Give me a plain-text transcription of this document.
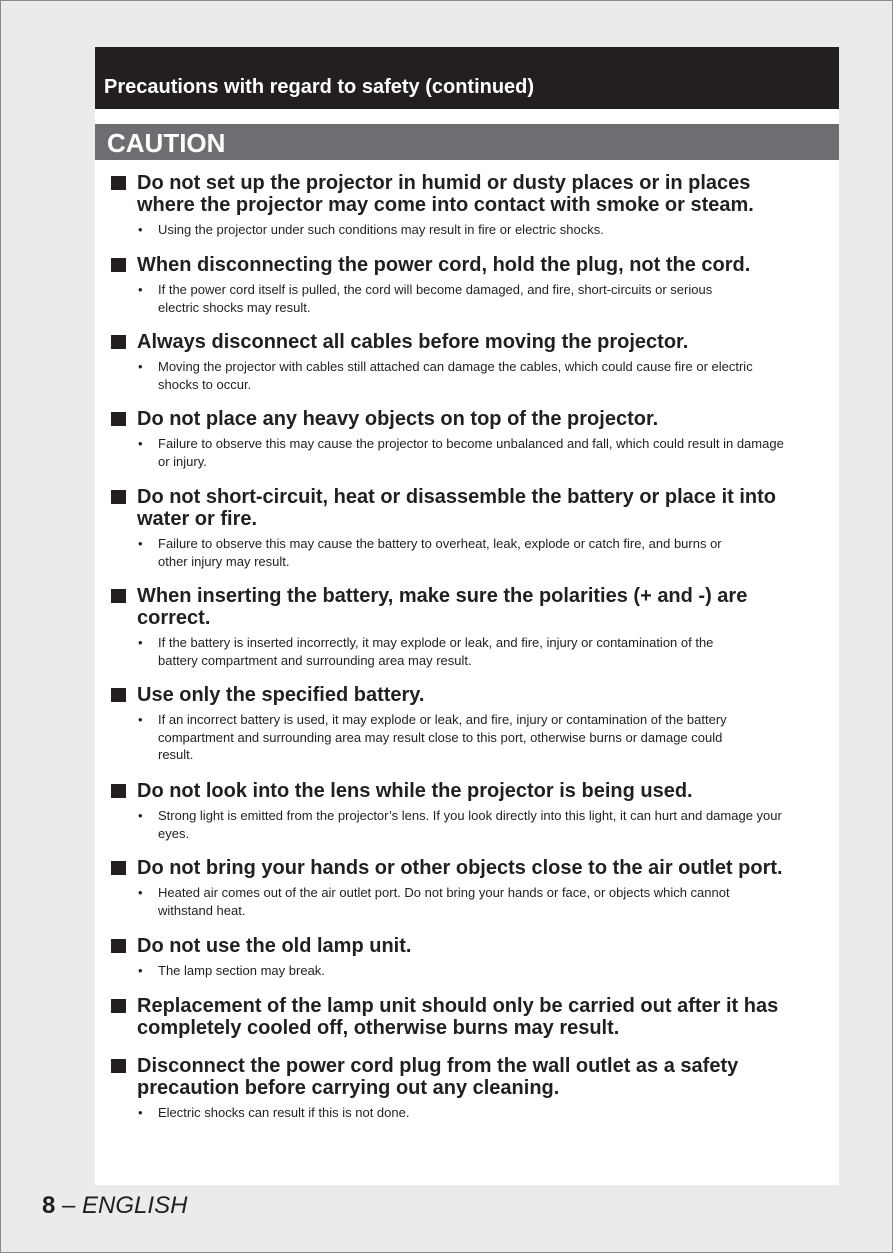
Precautions with regard to safety (continued)
CAUTION
Do not set up the projector in humid or dusty places or in places
where the projector may come into contact with smoke or steam.
• Using the projector under such conditions may result in fire or electric shocks.
When disconnecting the power cord, hold the plug, not the cord.
• If the power cord itself is pulled, the cord will become damaged, and fire, short-circuits or serious
electric shocks may result.
Always disconnect all cables before moving the projector.
• Moving the projector with cables still attached can damage the cables, which could cause fire or electric
shocks to occur.
Do not place any heavy objects on top of the projector.
• Failure to observe this may cause the projector to become unbalanced and fall, which could result in damage
or injury.
Do not short-circuit, heat or disassemble the battery or place it into
water or fire.
• Failure to observe this may cause the battery to overheat, leak, explode or catch fire, and burns or
other injury may result.
When inserting the battery, make sure the polarities (+ and -) are
correct.
• If the battery is inserted incorrectly, it may explode or leak, and fire, injury or contamination of the
battery compartment and surrounding area may result.
Use only the specified battery.
• If an incorrect battery is used, it may explode or leak, and fire, injury or contamination of the battery
compartment and surrounding area may result close to this port, otherwise burns or damage could
result.
Do not look into the lens while the projector is being used.
• Strong light is emitted from the projector’s lens. If you look directly into this light, it can hurt and damage your
eyes.
Do not bring your hands or other objects close to the air outlet port.
• Heated air comes out of the air outlet port. Do not bring your hands or face, or objects which cannot
withstand heat.
Do not use the old lamp unit.
• The lamp section may break.
Replacement of the lamp unit should only be carried out after it has
completely cooled off, otherwise burns may result.
Disconnect the power cord plug from the wall outlet as a safety
precaution before carrying out any cleaning.
• Electric shocks can result if this is not done.
8 – ENGLISH
